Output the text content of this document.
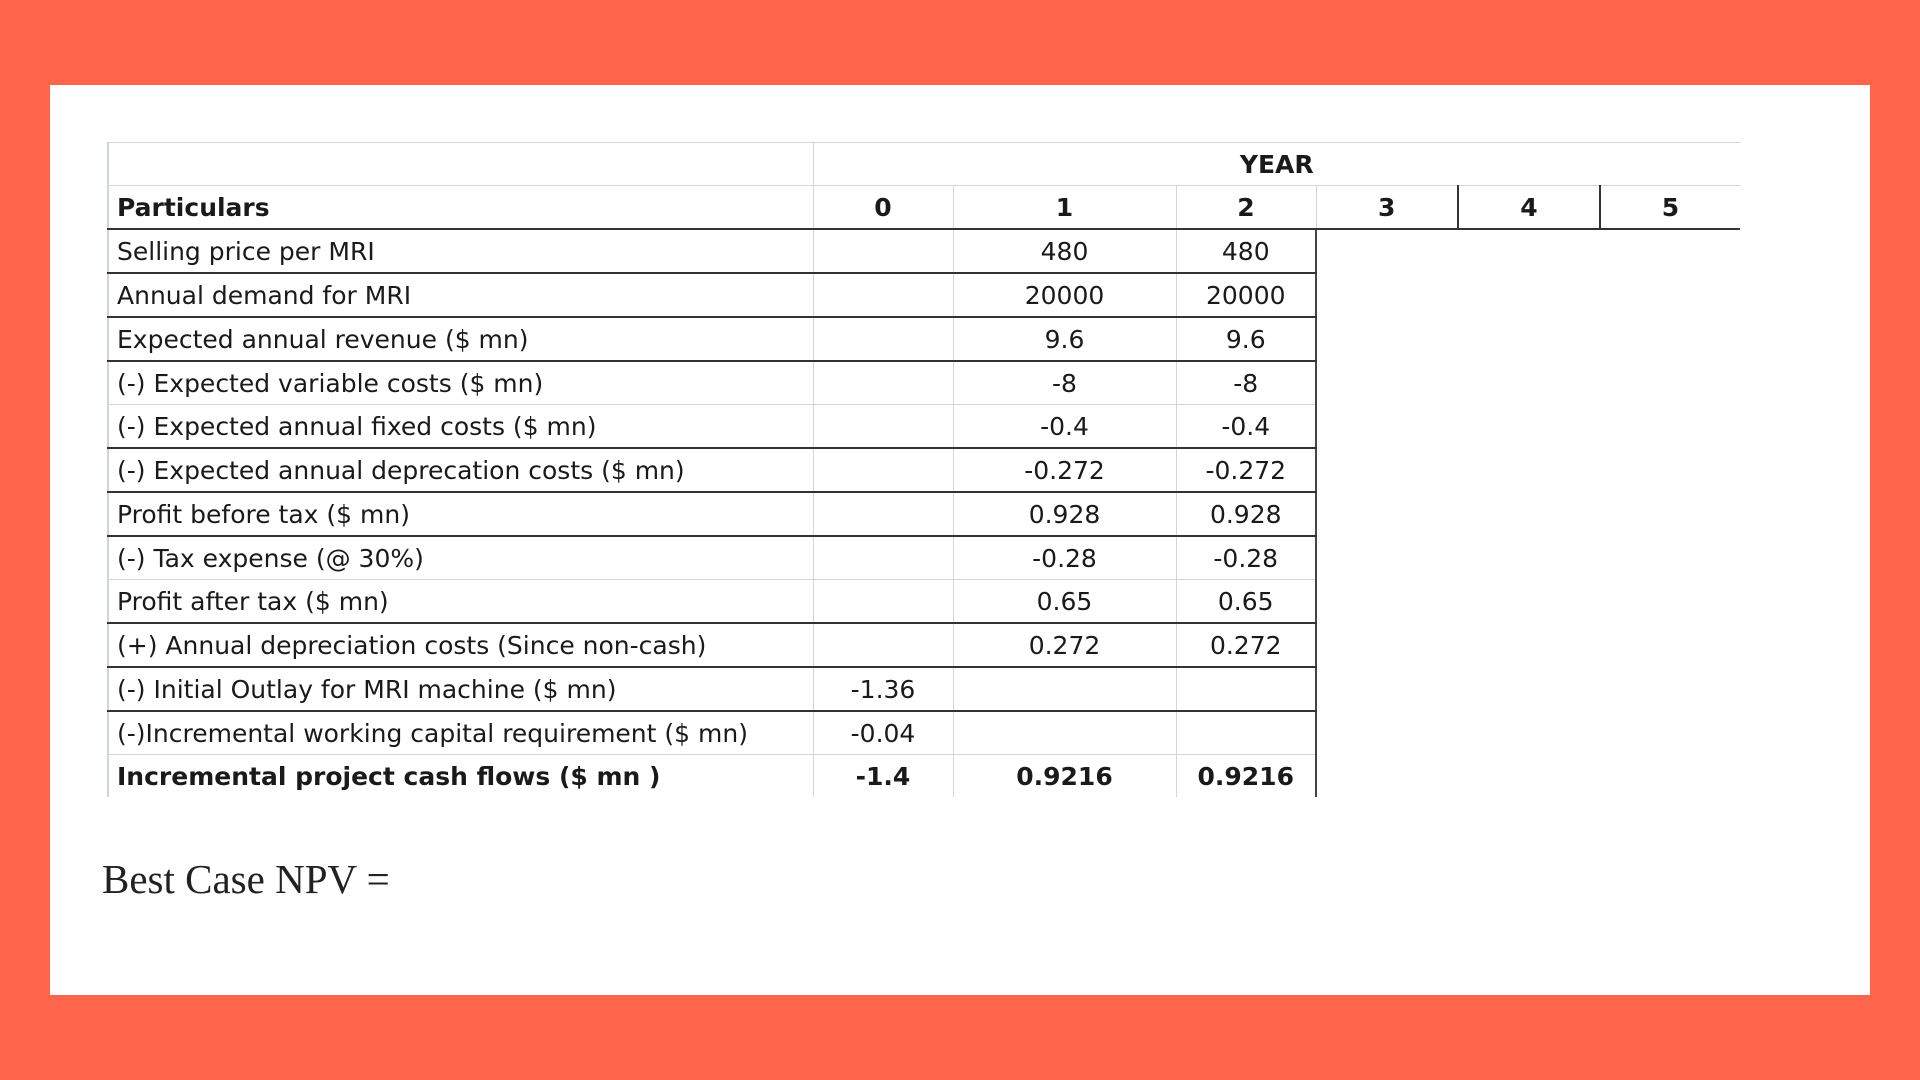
	YEAR					
Particulars	0	1	2	3	4	5
Selling price per MRI		480	480			
Annual demand for MRI		20000	20000			
Expected annual revenue ($ mn)		9.6	9.6			
(-) Expected variable costs ($ mn)		-8	-8			
(-) Expected annual fixed costs ($ mn)		-0.4	-0.4			
(-) Expected annual deprecation costs ($ mn)		-0.272	-0.272			
Profit before tax ($ mn)		0.928	0.928			
(-) Tax expense (@ 30%)		-0.28	-0.28			
Profit after tax ($ mn)		0.65	0.65			
(+) Annual depreciation costs (Since non-cash)		0.272	0.272			
(-) Initial Outlay for MRI machine ($ mn)	-1.36					
(-)Incremental working capital requirement ($ mn)	-0.04					
Incremental project cash flows ($ mn )	-1.4	0.9216	0.9216			
Best Case NPV =
